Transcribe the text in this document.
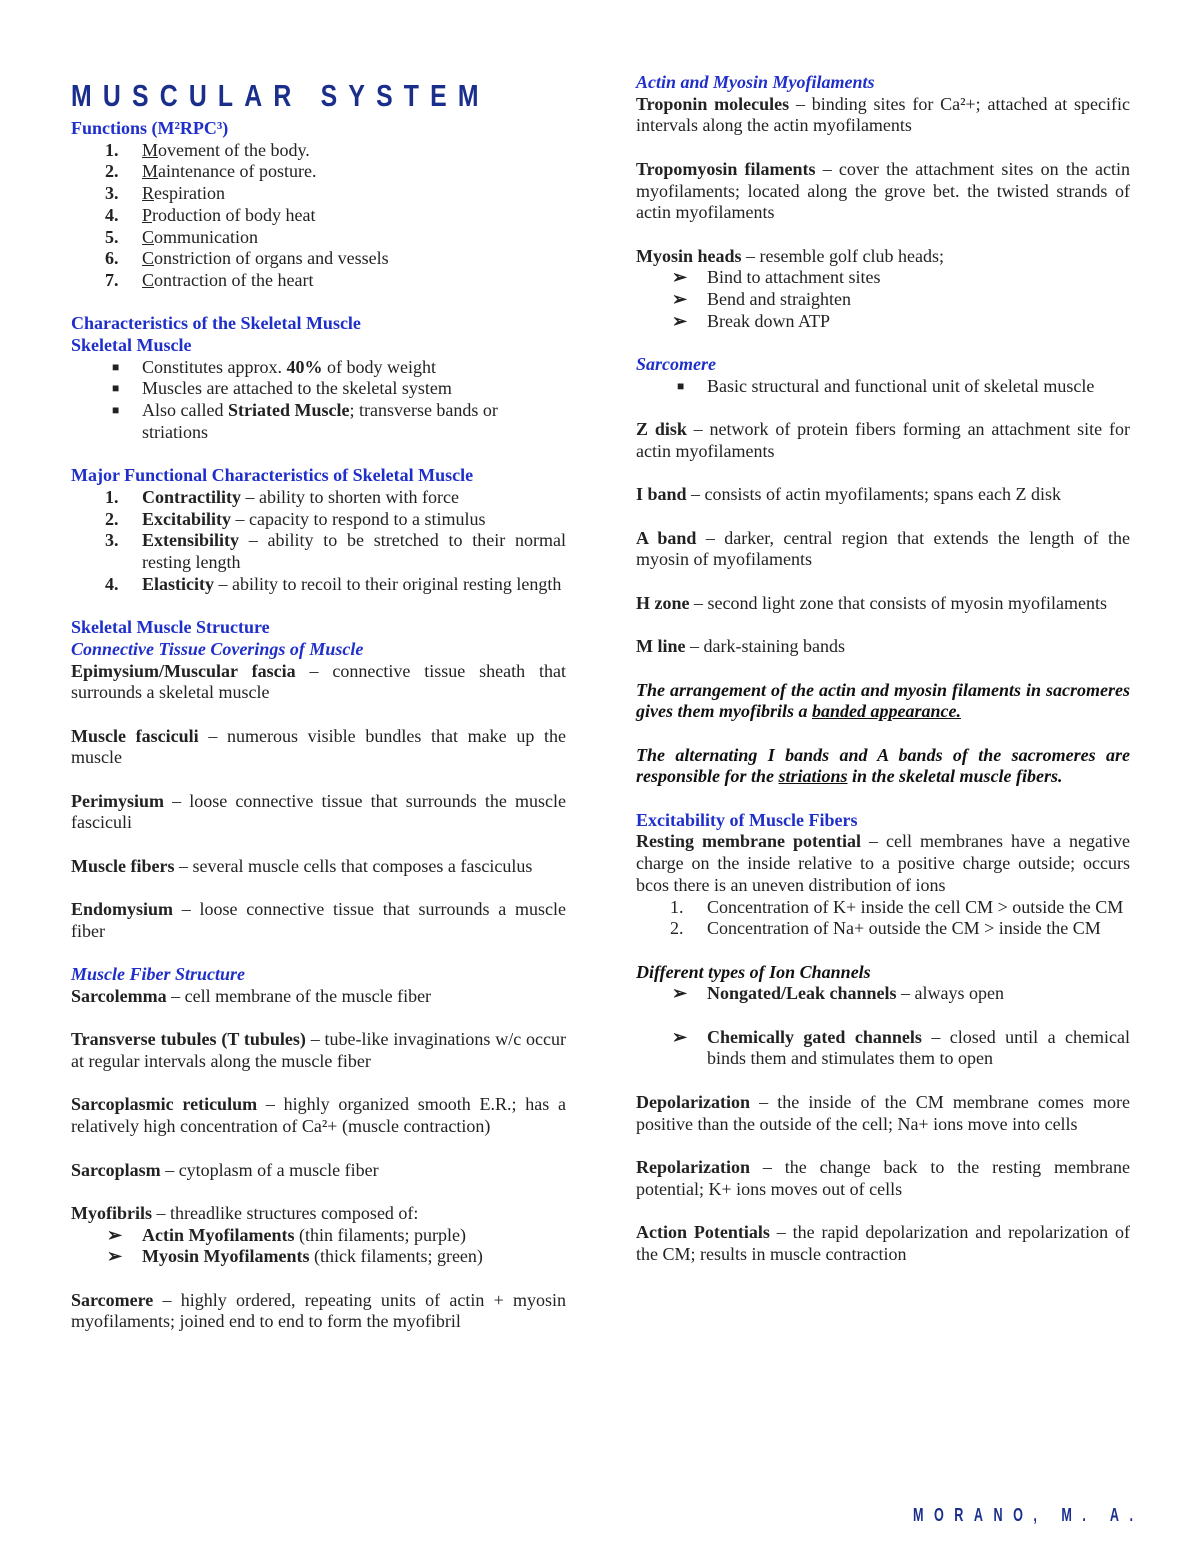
MUSCULAR SYSTEM

Functions (M²RPC³)

1. Movement of the body.
2. Maintenance of posture.
3. Respiration
4. Production of body heat
5. Communication
6. Constriction of organs and vessels
7. Contraction of the heart

Characteristics of the Skeletal Muscle

Skeletal Muscle

■ Constitutes approx. 40% of body weight
■ Muscles are attached to the skeletal system
■ Also called Striated Muscle; transverse bands or striations

Major Functional Characteristics of Skeletal Muscle

1. Contractility – ability to shorten with force
2. Excitability – capacity to respond to a stimulus
3. Extensibility – ability to be stretched to their normal resting length
4. Elasticity – ability to recoil to their original resting length

Skeletal Muscle Structure

Connective Tissue Coverings of Muscle

Epimysium/Muscular fascia – connective tissue sheath that surrounds a skeletal muscle

Muscle fasciculi – numerous visible bundles that make up the muscle

Perimysium – loose connective tissue that surrounds the muscle fasciculi

Muscle fibers – several muscle cells that composes a fasciculus

Endomysium – loose connective tissue that surrounds a muscle fiber

Muscle Fiber Structure

Sarcolemma – cell membrane of the muscle fiber

Transverse tubules (T tubules) – tube-like invaginations w/c occur at regular intervals along the muscle fiber

Sarcoplasmic reticulum – highly organized smooth E.R.; has a relatively high concentration of Ca²+ (muscle contraction)

Sarcoplasm – cytoplasm of a muscle fiber

Myofibrils – threadlike structures composed of:

➢ Actin Myofilaments (thin filaments; purple)
➢ Myosin Myofilaments (thick filaments; green)

Sarcomere – highly ordered, repeating units of actin + myosin myofilaments; joined end to end to form the myofibril

Actin and Myosin Myofilaments

Troponin molecules – binding sites for Ca²+; attached at specific intervals along the actin myofilaments

Tropomyosin filaments – cover the attachment sites on the actin myofilaments; located along the grove bet. the twisted strands of actin myofilaments

Myosin heads – resemble golf club heads;

➢ Bind to attachment sites
➢ Bend and straighten
➢ Break down ATP

Sarcomere

■ Basic structural and functional unit of skeletal muscle

Z disk – network of protein fibers forming an attachment site for actin myofilaments

I band – consists of actin myofilaments; spans each Z disk

A band – darker, central region that extends the length of the myosin of myofilaments

H zone – second light zone that consists of myosin myofilaments

M line – dark-staining bands

The arrangement of the actin and myosin filaments in sacromeres gives them myofibrils a banded appearance.

The alternating I bands and A bands of the sacromeres are responsible for the striations in the skeletal muscle fibers.

Excitability of Muscle Fibers

Resting membrane potential – cell membranes have a negative charge on the inside relative to a positive charge outside; occurs bcos there is an uneven distribution of ions

1. Concentration of K+ inside the cell CM > outside the CM
2. Concentration of Na+ outside the CM > inside the CM

Different types of Ion Channels

➢ Nongated/Leak channels – always open
➢ Chemically gated channels – closed until a chemical binds them and stimulates them to open

Depolarization – the inside of the CM membrane comes more positive than the outside of the cell; Na+ ions move into cells

Repolarization – the change back to the resting membrane potential; K+ ions moves out of cells

Action Potentials – the rapid depolarization and repolarization of the CM; results in muscle contraction

MORANO, M. A.
